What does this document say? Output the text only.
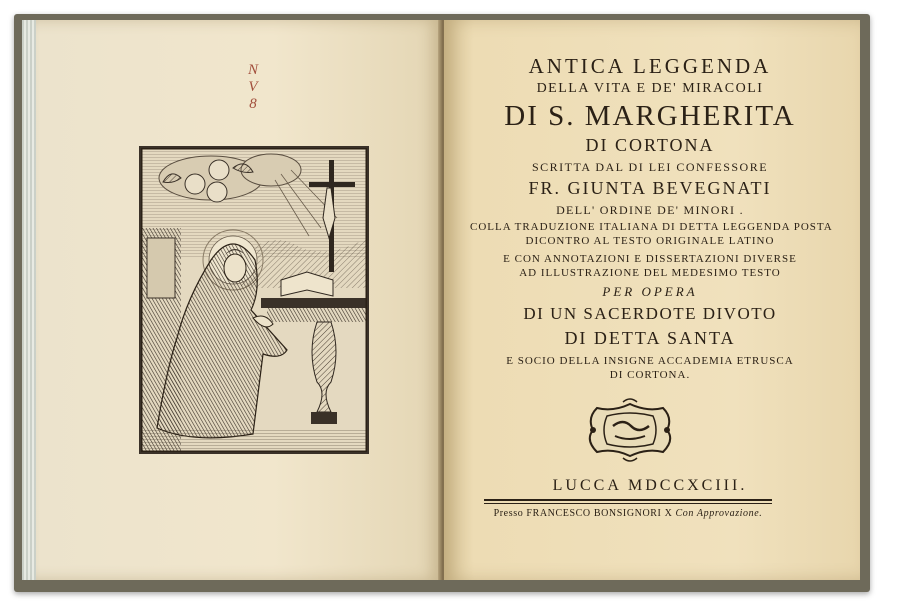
N
V
8
ANTICA LEGGENDA
DELLA VITA E DE' MIRACOLI
DI S. MARGHERITA
DI CORTONA
SCRITTA DAL DI LEI CONFESSORE
FR. GIUNTA BEVEGNATI
DELL' ORDINE DE' MINORI .
COLLA TRADUZIONE ITALIANA DI DETTA LEGGENDA POSTA
DICONTRO AL TESTO ORIGINALE LATINO
E CON ANNOTAZIONI E DISSERTAZIONI DIVERSE
AD ILLUSTRAZIONE DEL MEDESIMO TESTO
PER OPERA
DI UN SACERDOTE DIVOTO
DI DETTA SANTA
E SOCIO DELLA INSIGNE ACCADEMIA ETRUSCA
DI CORTONA.
LUCCA MDCCXCIII.
Presso FRANCESCO BONSIGNORI X Con Approvazione.
